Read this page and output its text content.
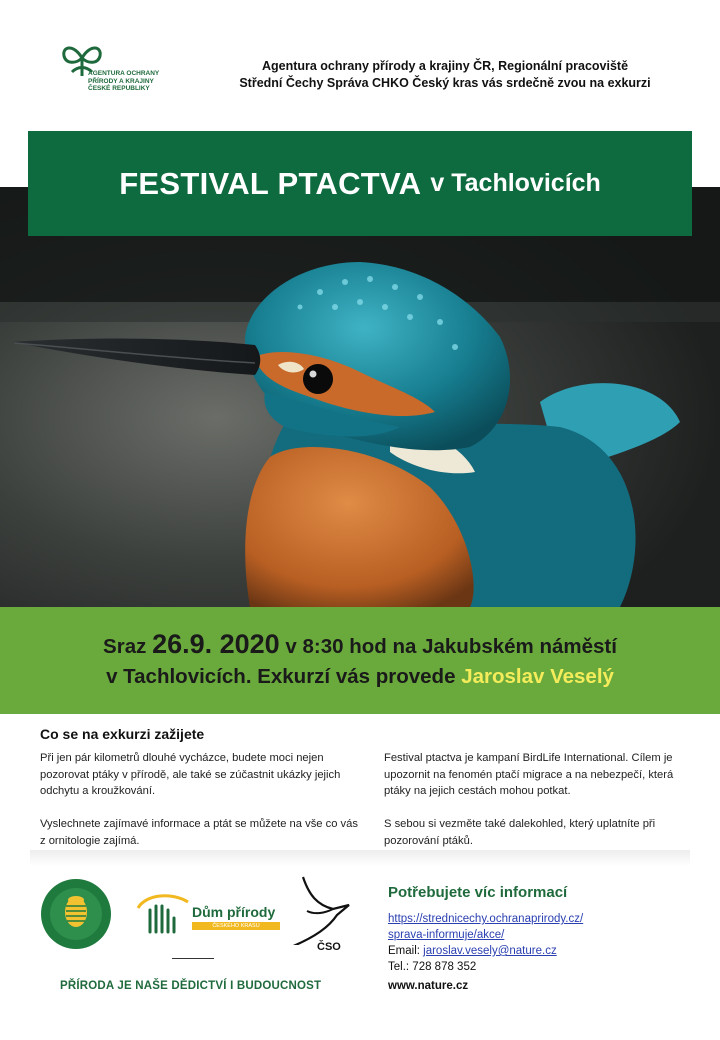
AGENTURA OCHRANY
PŘÍRODY A KRAJINY
ČESKÉ REPUBLIKY
Agentura ochrany přírody a krajiny ČR, Regionální pracoviště
Střední Čechy Správa CHKO Český kras vás srdečně zvou na exkurzi
FESTIVAL PTACTVA v Tachlovicích
Sraz 26.9. 2020 v 8:30 hod na Jakubském náměstí
v Tachlovicích. Exkurzí vás provede Jaroslav Veselý
Co se na exkurzi zažijete

Při jen pár kilometrů dlouhé vycházce, budete moci nejen pozorovat ptáky v přírodě, ale také se zúčastnit ukázky jejich odchytu a kroužkování.

Vyslechnete zajímavé informace a ptát se můžete na vše co vás z ornitologie zajímá.

Festival ptactva je kampaní BirdLife International. Cílem je upozornit na fenomén ptačí migrace a na nebezpečí, která ptáky na jejich cestách mohou potkat.

S sebou si vezměte také dalekohled, který uplatníte při pozorování ptáků.

Dům přírody
ČESKÉHO KRASU
ČSO
PŘÍRODA JE NAŠE DĚDICTVÍ I BUDOUCNOST
Potřebujete víc informací
https://strednicechy.ochranaprirody.cz/
sprava-informuje/akce/
Email: jaroslav.vesely@nature.cz
Tel.: 728 878 352
www.nature.cz
